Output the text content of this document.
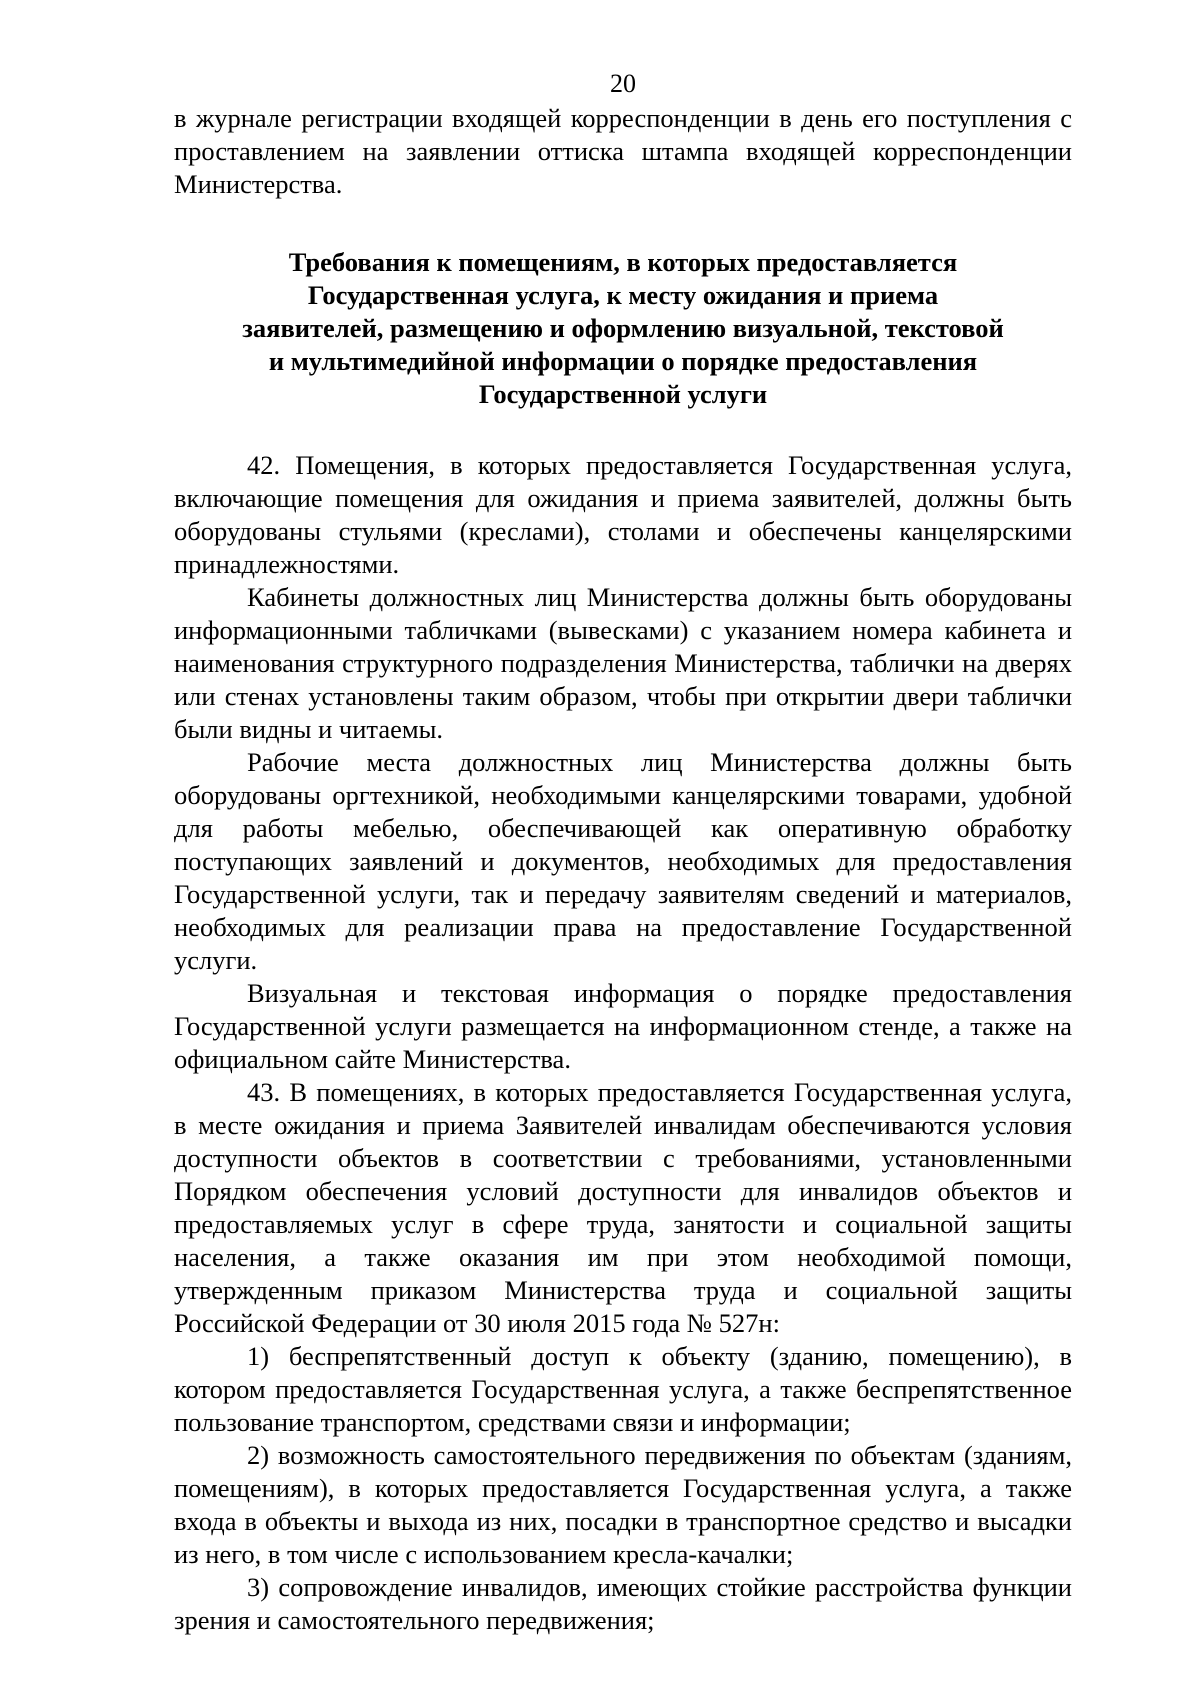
20

в журнале регистрации входящей корреспонденции в день его поступления с проставлением на заявлении оттиска штампа входящей корреспонденции Министерства.

Требования к помещениям, в которых предоставляется
Государственная услуга, к месту ожидания и приема
заявителей, размещению и оформлению визуальной, текстовой
и мультимедийной информации о порядке предоставления
Государственной услуги

42. Помещения, в которых предоставляется Государственная услуга, включающие помещения для ожидания и приема заявителей, должны быть оборудованы стульями (креслами), столами и обеспечены канцелярскими принадлежностями.

Кабинеты должностных лиц Министерства должны быть оборудованы информационными табличками (вывесками) с указанием номера кабинета и наименования структурного подразделения Министерства, таблички на дверях или стенах установлены таким образом, чтобы при открытии двери таблички были видны и читаемы.

Рабочие места должностных лиц Министерства должны быть оборудованы оргтехникой, необходимыми канцелярскими товарами, удобной для работы мебелью, обеспечивающей как оперативную обработку поступающих заявлений и документов, необходимых для предоставления Государственной услуги, так и передачу заявителям сведений и материалов, необходимых для реализации права на предоставление Государственной услуги.

Визуальная и текстовая информация о порядке предоставления Государственной услуги размещается на информационном стенде, а также на официальном сайте Министерства.

43. В помещениях, в которых предоставляется Государственная услуга, в месте ожидания и приема Заявителей инвалидам обеспечиваются условия доступности объектов в соответствии с требованиями, установленными Порядком обеспечения условий доступности для инвалидов объектов и предоставляемых услуг в сфере труда, занятости и социальной защиты населения, а также оказания им при этом необходимой помощи, утвержденным приказом Министерства труда и социальной защиты Российской Федерации от 30 июля 2015 года № 527н:

1) беспрепятственный доступ к объекту (зданию, помещению), в котором предоставляется Государственная услуга, а также беспрепятственное пользование транспортом, средствами связи и информации;

2) возможность самостоятельного передвижения по объектам (зданиям, помещениям), в которых предоставляется Государственная услуга, а также входа в объекты и выхода из них, посадки в транспортное средство и высадки из него, в том числе с использованием кресла-качалки;

3) сопровождение инвалидов, имеющих стойкие расстройства функции зрения и самостоятельного передвижения;
